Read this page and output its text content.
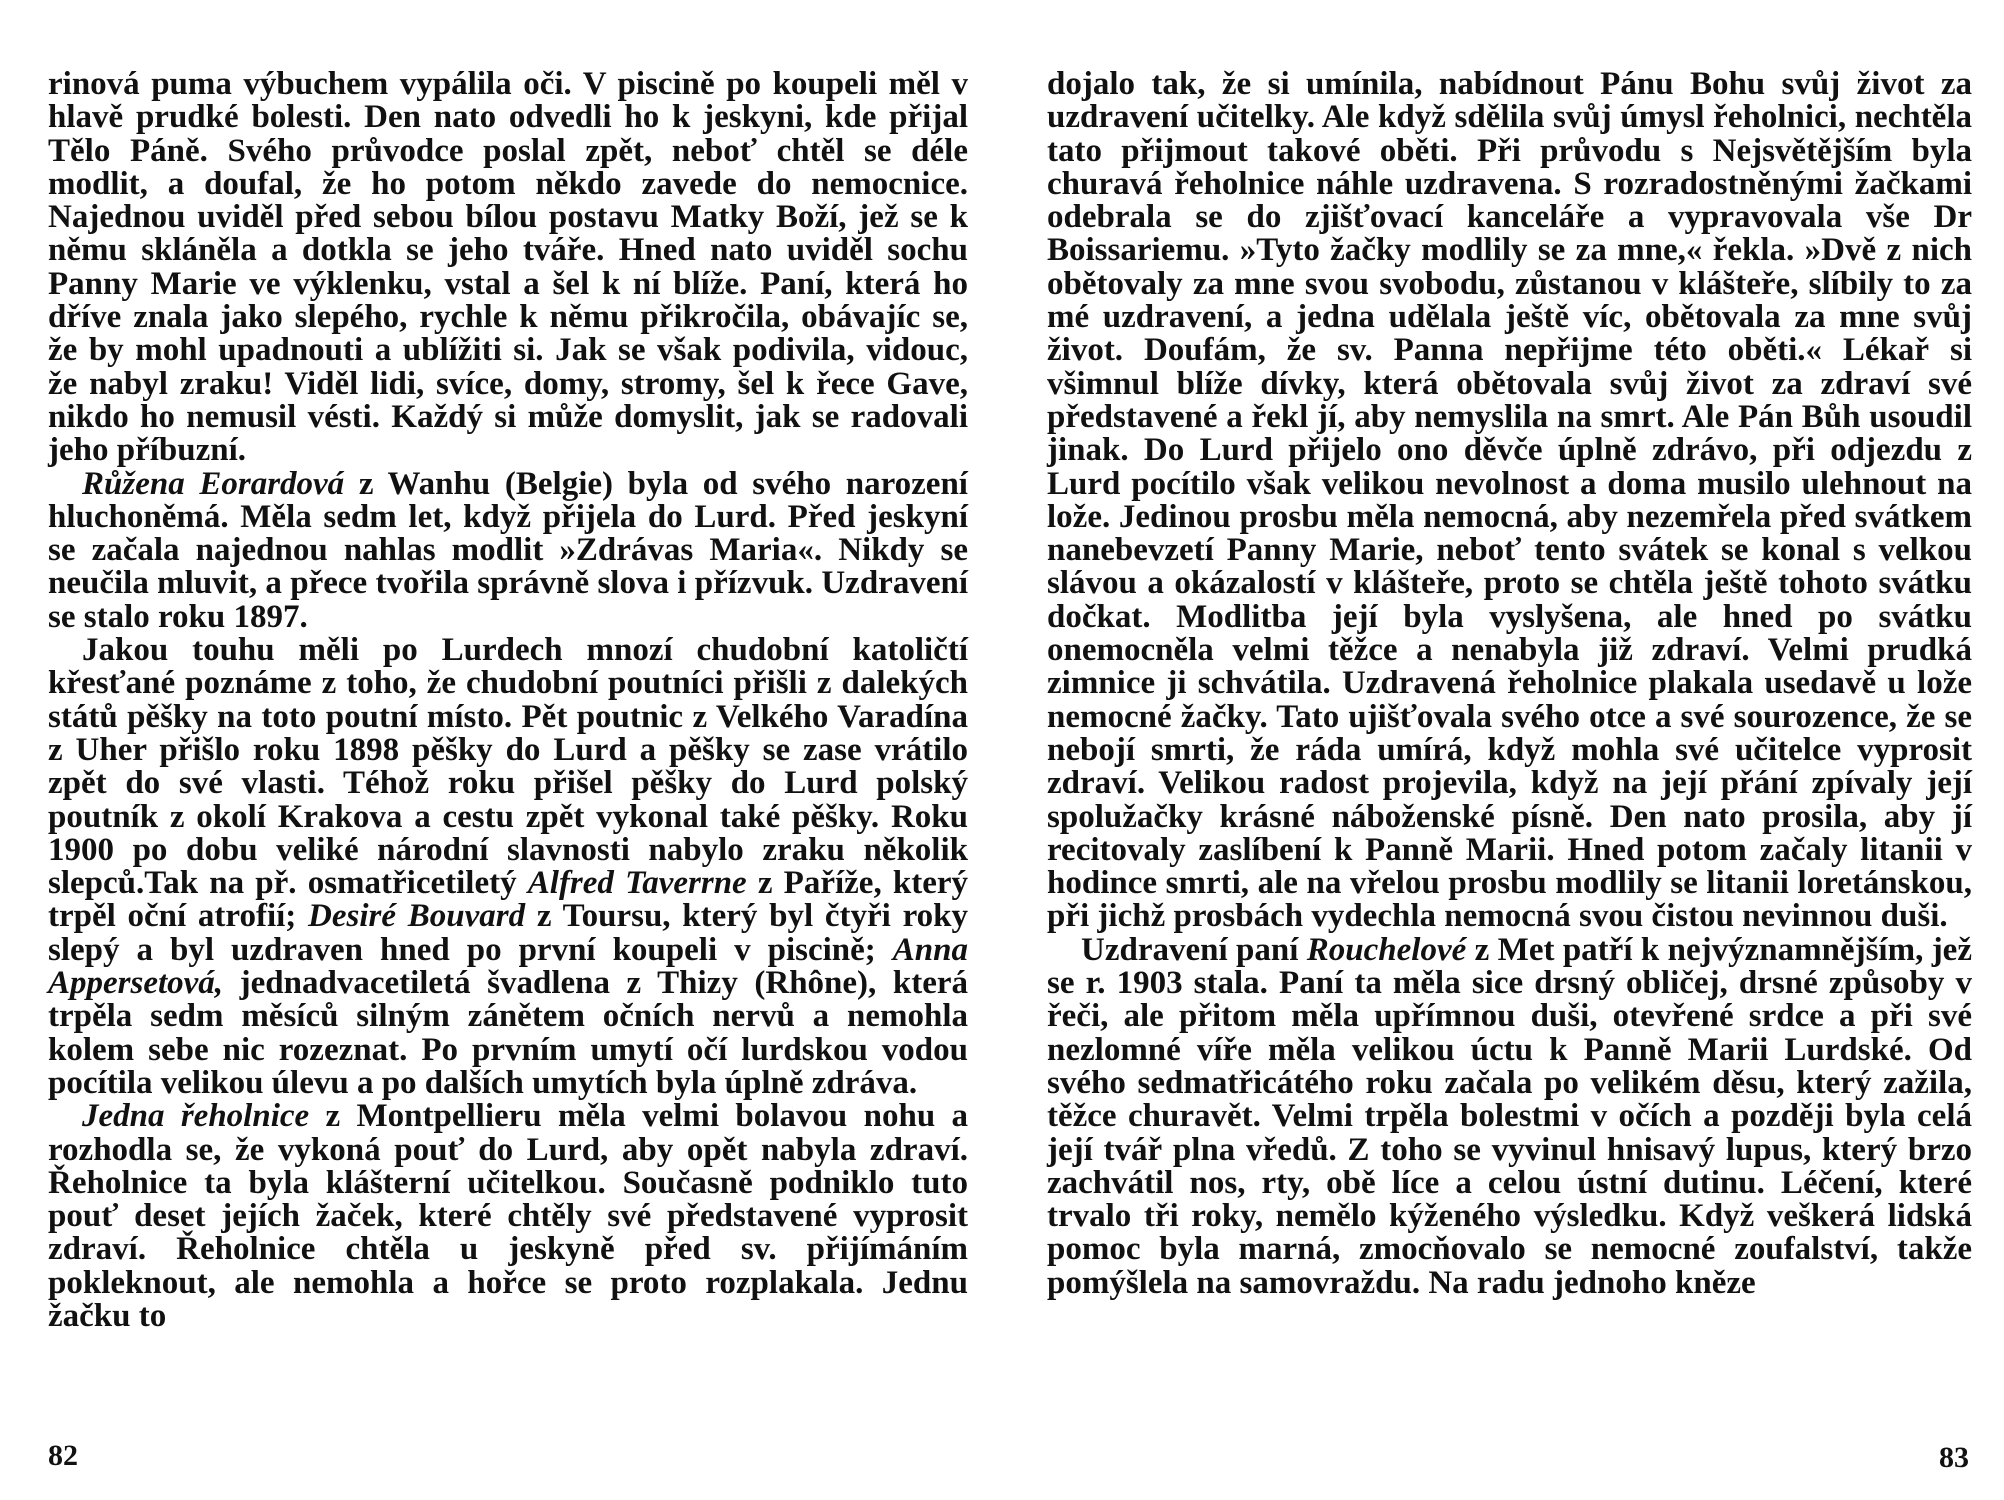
rinová puma výbuchem vypálila oči. V piscině po koupeli měl v hlavě prudké bolesti. Den nato odvedli ho k jeskyni, kde přijal Tělo Páně. Svého průvodce poslal zpět, neboť chtěl se déle modlit, a doufal, že ho potom někdo zavede do nemocnice. Najednou uviděl před sebou bílou postavu Matky Boží, jež se k němu skláněla a dotkla se jeho tváře. Hned nato uviděl sochu Panny Marie ve výklenku, vstal a šel k ní blíže. Paní, která ho dříve znala jako slepého, rychle k němu přikročila, obávajíc se, že by mohl upadnouti a ublížiti si. Jak se však podivila, vidouc, že nabyl zraku! Viděl lidi, svíce, domy, stromy, šel k řece Gave, nikdo ho nemusil vésti. Každý si může domyslit, jak se radovali jeho příbuzní.

Růžena Eorardová z Wanhu (Belgie) byla od svého narození hluchoněmá. Měla sedm let, když přijela do Lurd. Před jeskyní se začala najednou nahlas modlit »Zdrávas Maria«. Nikdy se neučila mluvit, a přece tvořila správně slova i přízvuk. Uzdravení se stalo roku 1897.

Jakou touhu měli po Lurdech mnozí chudobní katoličtí křesťané poznáme z toho, že chudobní poutníci přišli z dalekých států pěšky na toto poutní místo. Pět poutnic z Velkého Varadína z Uher přišlo roku 1898 pěšky do Lurd a pěšky se zase vrátilo zpět do své vlasti. Téhož roku přišel pěšky do Lurd polský poutník z okolí Krakova a cestu zpět vykonal také pěšky. Roku 1900 po dobu veliké národní slavnosti nabylo zraku několik slepců.Tak na př. osmatřicetiletý Alfred Taverrne z Paříže, který trpěl oční atrofií; Desiré Bouvard z Toursu, který byl čtyři roky slepý a byl uzdraven hned po první koupeli v piscině; Anna Appersetová, jednadvacetiletá švadlena z Thizy (Rhône), která trpěla sedm měsíců silným zánětem očních nervů a nemohla kolem sebe nic rozeznat. Po prvním umytí očí lurdskou vodou pocítila velikou úlevu a po dalších umytích byla úplně zdráva.

Jedna řeholnice z Montpellieru měla velmi bolavou nohu a rozhodla se, že vykoná pouť do Lurd, aby opět nabyla zdraví. Řeholnice ta byla klášterní učitelkou. Současně podniklo tuto pouť deset jejích žaček, které chtěly své představené vyprosit zdraví. Řeholnice chtěla u jeskyně před sv. přijímáním pokleknout, ale nemohla a hořce se proto rozplakala. Jednu žačku to

82

dojalo tak, že si umínila, nabídnout Pánu Bohu svůj život za uzdravení učitelky. Ale když sdělila svůj úmysl řeholnici, nechtěla tato přijmout takové oběti. Při průvodu s Nejsvětějším byla churavá řeholnice náhle uzdravena. S rozradostněnými žačkami odebrala se do zjišťovací kanceláře a vypravovala vše Dr Boissariemu. »Tyto žačky modlily se za mne,« řekla. »Dvě z nich obětovaly za mne svou svobodu, zůstanou v klášteře, slíbily to za mé uzdravení, a jedna udělala ještě víc, obětovala za mne svůj život. Doufám, že sv. Panna nepřijme této oběti.« Lékař si všimnul blíže dívky, která obětovala svůj život za zdraví své představené a řekl jí, aby nemyslila na smrt. Ale Pán Bůh usoudil jinak. Do Lurd přijelo ono děvče úplně zdrávo, při odjezdu z Lurd pocítilo však velikou nevolnost a doma musilo ulehnout na lože. Jedinou prosbu měla nemocná, aby nezemřela před svátkem nanebevzetí Panny Marie, neboť tento svátek se konal s velkou slávou a okázalostí v klášteře, proto se chtěla ještě tohoto svátku dočkat. Modlitba její byla vyslyšena, ale hned po svátku onemocněla velmi těžce a nenabyla již zdraví. Velmi prudká zimnice ji schvátila. Uzdravená řeholnice plakala usedavě u lože nemocné žačky. Tato ujišťovala svého otce a své sourozence, že se nebojí smrti, že ráda umírá, když mohla své učitelce vyprosit zdraví. Velikou radost projevila, když na její přání zpívaly její spolužačky krásné náboženské písně. Den nato prosila, aby jí recitovaly zaslíbení k Panně Marii. Hned potom začaly litanii v hodince smrti, ale na vřelou prosbu modlily se litanii loretánskou, při jichž prosbách vydechla nemocná svou čistou nevinnou duši.

Uzdravení paní Rouchelové z Met patří k nejvýznamnějším, jež se r. 1903 stala. Paní ta měla sice drsný obličej, drsné způsoby v řeči, ale přitom měla upřímnou duši, otevřené srdce a při své nezlomné víře měla velikou úctu k Panně Marii Lurdské. Od svého sedmatřicátého roku začala po velikém děsu, který zažila, těžce churavět. Velmi trpěla bolestmi v očích a později byla celá její tvář plna vředů. Z toho se vyvinul hnisavý lupus, který brzo zachvátil nos, rty, obě líce a celou ústní dutinu. Léčení, které trvalo tři roky, nemělo kýženého výsledku. Když veškerá lidská pomoc byla marná, zmocňovalo se nemocné zoufalství, takže pomýšlela na samovraždu. Na radu jednoho kněze

83
